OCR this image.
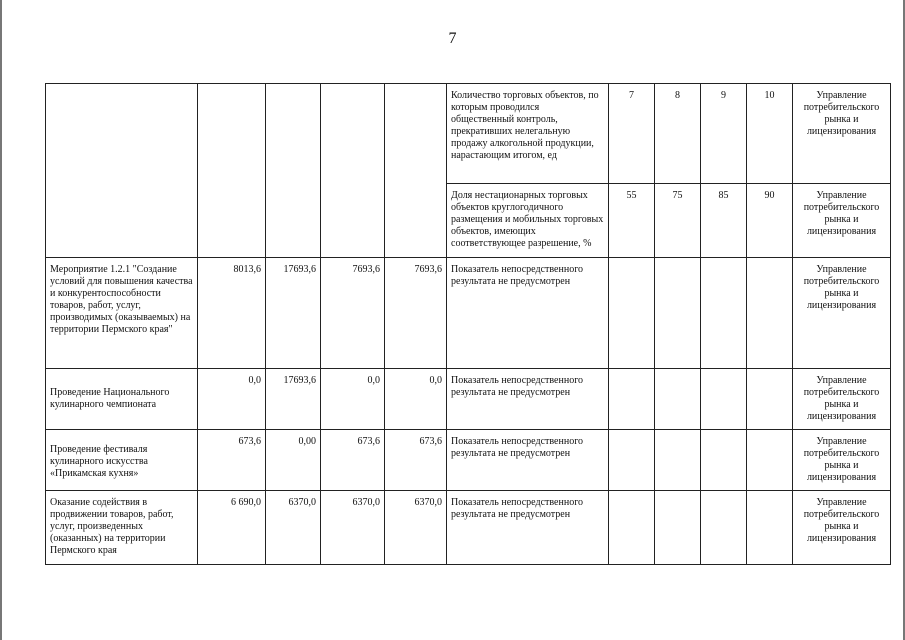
7
					Количество торговых объектов, по которым проводился общественный контроль, прекративших нелегальную продажу алкогольной продукции, нарастающим итогом, ед	7	8	9	10	Управление потребительского рынка и лицензирования
					Доля нестационарных торговых объектов круглогодичного размещения и мобильных торговых объектов, имеющих соответствующее разрешение, %	55	75	85	90	Управление потребительского рынка и лицензирования
Мероприятие 1.2.1 "Создание условий для повышения качества и конкурентоспособности товаров, работ, услуг, производимых (оказываемых) на территории Пермского края"	8013,6	17693,6	7693,6	7693,6	Показатель непосредственного результата не предусмотрен					Управление потребительского рынка и лицензирования
Проведение Национального кулинарного чемпионата	0,0	17693,6	0,0	0,0	Показатель непосредственного результата не предусмотрен					Управление потребительского рынка и лицензирования
Проведение фестиваля кулинарного искусства «Прикамская кухня»	673,6	0,00	673,6	673,6	Показатель непосредственного результата не предусмотрен					Управление потребительского рынка и лицензирования
Оказание содействия в продвижении товаров, работ, услуг, произведенных (оказанных) на территории Пермского края	6 690,0	6370,0	6370,0	6370,0	Показатель непосредственного результата не предусмотрен					Управление потребительского рынка и лицензирования
